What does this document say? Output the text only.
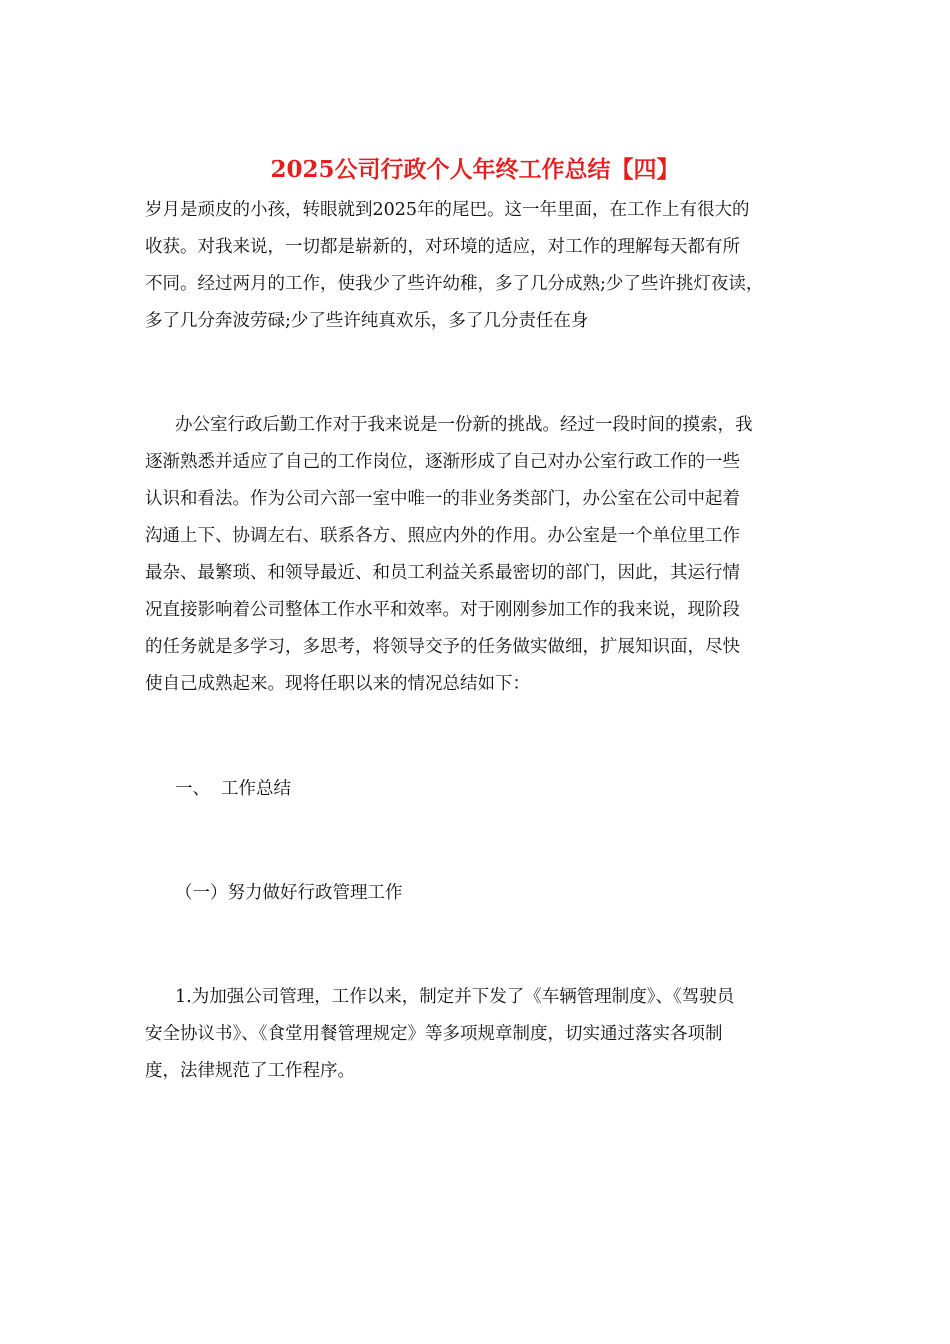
2025公司行政个人年终工作总结【四】
岁月是顽皮的小孩，转眼就到2025年的尾巴。这一年里面，在工作上有很大的
收获。对我来说，一切都是崭新的，对环境的适应，对工作的理解每天都有所
不同。经过两月的工作，使我少了些许幼稚，多了几分成熟;少了些许挑灯夜读，
多了几分奔波劳碌;少了些许纯真欢乐，多了几分责任在身
办公室行政后勤工作对于我来说是一份新的挑战。经过一段时间的摸索，我
逐渐熟悉并适应了自己的工作岗位，逐渐形成了自己对办公室行政工作的一些
认识和看法。作为公司六部一室中唯一的非业务类部门，办公室在公司中起着
沟通上下、协调左右、联系各方、照应内外的作用。办公室是一个单位里工作
最杂、最繁琐、和领导最近、和员工利益关系最密切的部门，因此，其运行情
况直接影响着公司整体工作水平和效率。对于刚刚参加工作的我来说，现阶段
的任务就是多学习，多思考，将领导交予的任务做实做细，扩展知识面，尽快
使自己成熟起来。现将任职以来的情况总结如下：
一、 工作总结
（一）努力做好行政管理工作
1.为加强公司管理，工作以来，制定并下发了《车辆管理制度》、《驾驶员
安全协议书》、《食堂用餐管理规定》等多项规章制度，切实通过落实各项制
度，法律规范了工作程序。
